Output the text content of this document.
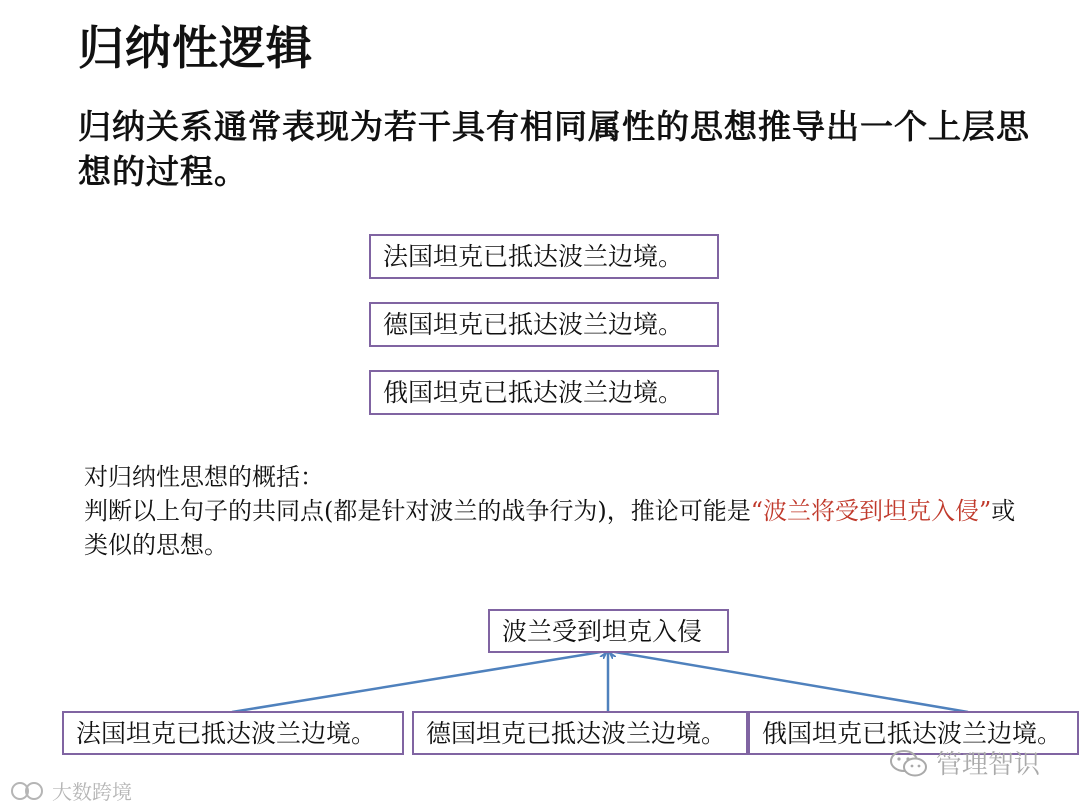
归纳性逻辑
归纳关系通常表现为若干具有相同属性的思想推导出一个上层思想的过程。
法国坦克已抵达波兰边境。
德国坦克已抵达波兰边境。
俄国坦克已抵达波兰边境。
对归纳性思想的概括：
判断以上句子的共同点(都是针对波兰的战争行为)，推论可能是“波兰将受到坦克入侵”或类似的思想。
波兰受到坦克入侵
法国坦克已抵达波兰边境。	德国坦克已抵达波兰边境。	俄国坦克已抵达波兰边境。
大数跨境
管理智识
